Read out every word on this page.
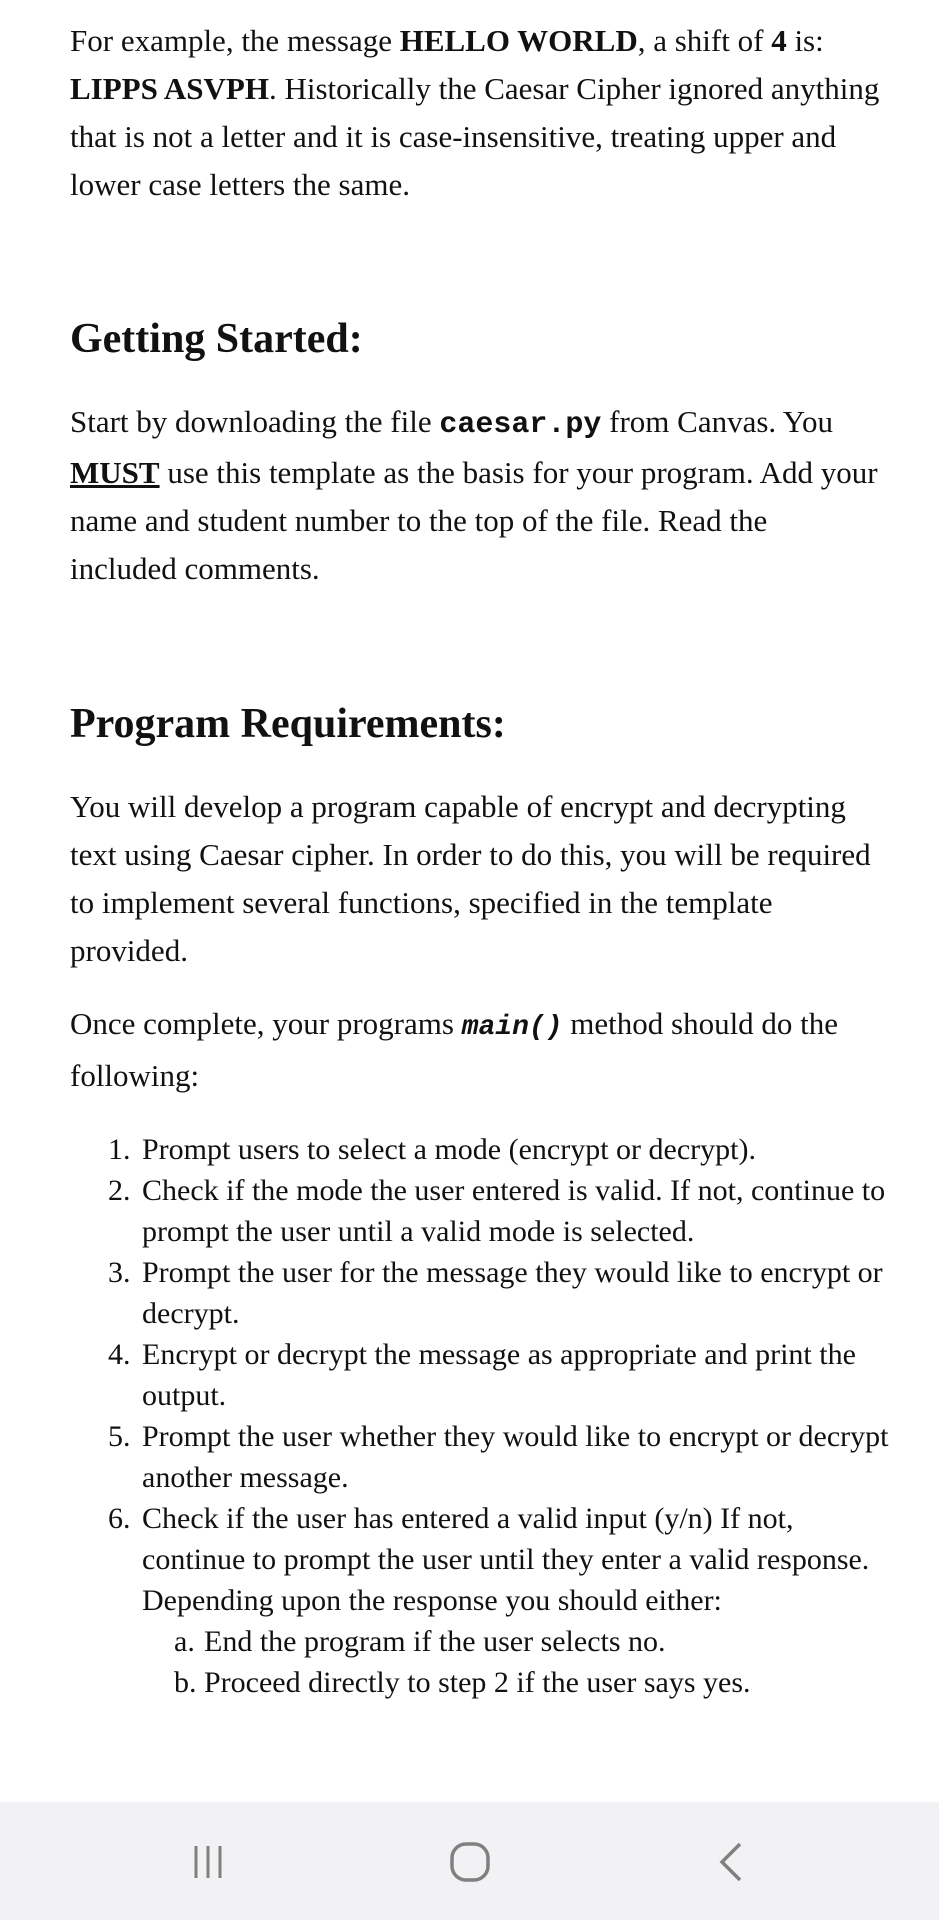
For example, the message HELLO WORLD, a shift of 4 is: LIPPS ASVPH. Historically the Caesar Cipher ignored anything that is not a letter and it is case-insensitive, treating upper and lower case letters the same.

Getting Started:

Start by downloading the file caesar.py from Canvas. You MUST use this template as the basis for your program. Add your name and student number to the top of the file. Read the included comments.

Program Requirements:

You will develop a program capable of encrypt and decrypting text using Caesar cipher. In order to do this, you will be required to implement several functions, specified in the template provided.

Once complete, your programs main() method should do the following:

1. Prompt users to select a mode (encrypt or decrypt).
2. Check if the mode the user entered is valid. If not, continue to prompt the user until a valid mode is selected.
3. Prompt the user for the message they would like to encrypt or decrypt.
4. Encrypt or decrypt the message as appropriate and print the output.
5. Prompt the user whether they would like to encrypt or decrypt another message.
6. Check if the user has entered a valid input (y/n) If not, continue to prompt the user until they enter a valid response. Depending upon the response you should either:
a. End the program if the user selects no.
b. Proceed directly to step 2 if the user says yes.
